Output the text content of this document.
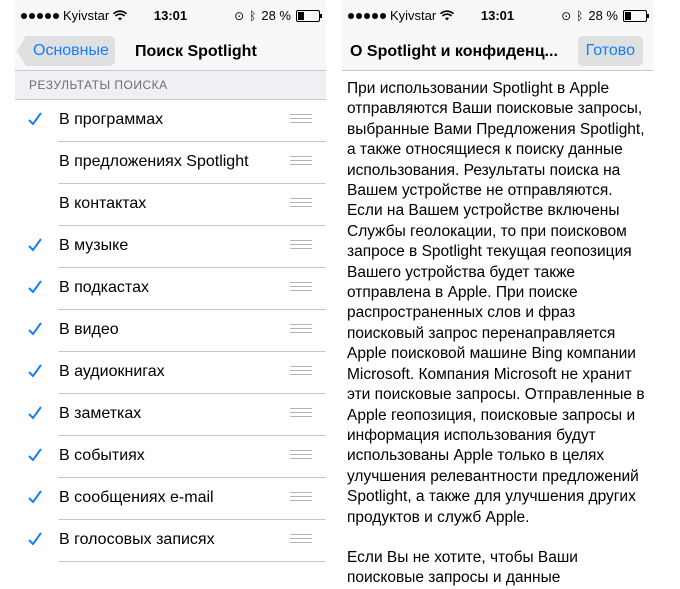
Kyivstar	13:01	⊙ ᛒ 28 %
Основные Поиск Spotlight
РЕЗУЛЬТАТЫ ПОИСКА
В программах
В предложениях Spotlight
В контактах
В музыке
В подкастах
В видео
В аудиокнигах
В заметках
В событиях
В сообщениях e-mail
В голосовых записях
Kyivstar	13:01	⊙ ᛒ 28 %
О Spotlight и конфиденц...	Готово

При использовании Spotlight в Apple отправляются Ваши поисковые запросы, выбранные Вами Предложения Spotlight, а также относящиеся к поиску данные использования. Результаты поиска на Вашем устройстве не отправляются. Если на Вашем устройстве включены Службы геолокации, то при поисковом запросе в Spotlight текущая геопозиция Вашего устройства будет также отправлена в Apple. При поиске распространенных слов и фраз поисковый запрос перенаправляется Apple поисковой машине Bing компании Microsoft. Компания Microsoft не хранит эти поисковые запросы. Отправленные в Apple геопозиция, поисковые запросы и информация использования будут использованы Apple только в целях улучшения релевантности предложений Spotlight, а также для улучшения других продуктов и служб Apple.

Если Вы не хотите, чтобы Ваши поисковые запросы и данные
